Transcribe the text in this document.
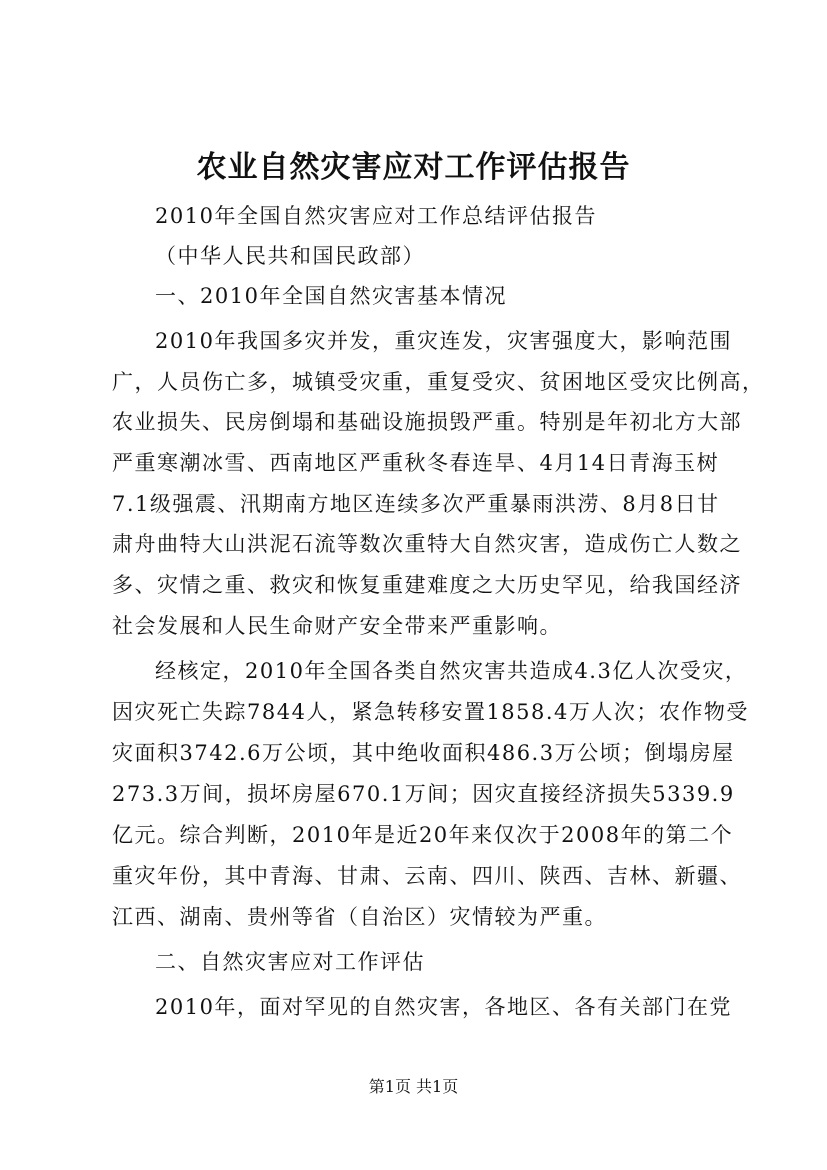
农业自然灾害应对工作评估报告
2010年全国自然灾害应对工作总结评估报告
（中华人民共和国民政部）
一、2010年全国自然灾害基本情况
2010年我国多灾并发，重灾连发，灾害强度大，影响范围
广，人员伤亡多，城镇受灾重，重复受灾、贫困地区受灾比例高，
农业损失、民房倒塌和基础设施损毁严重。特别是年初北方大部
严重寒潮冰雪、西南地区严重秋冬春连旱、4月14日青海玉树
7.1级强震、汛期南方地区连续多次严重暴雨洪涝、8月8日甘
肃舟曲特大山洪泥石流等数次重特大自然灾害，造成伤亡人数之
多、灾情之重、救灾和恢复重建难度之大历史罕见，给我国经济
社会发展和人民生命财产安全带来严重影响。
经核定，2010年全国各类自然灾害共造成4.3亿人次受灾，
因灾死亡失踪7844人，紧急转移安置1858.4万人次；农作物受
灾面积3742.6万公顷，其中绝收面积486.3万公顷；倒塌房屋
273.3万间，损坏房屋670.1万间；因灾直接经济损失5339.9
亿元。综合判断，2010年是近20年来仅次于2008年的第二个
重灾年份，其中青海、甘肃、云南、四川、陕西、吉林、新疆、
江西、湖南、贵州等省（自治区）灾情较为严重。
二、自然灾害应对工作评估
2010年，面对罕见的自然灾害，各地区、各有关部门在党
第1页 共1页
